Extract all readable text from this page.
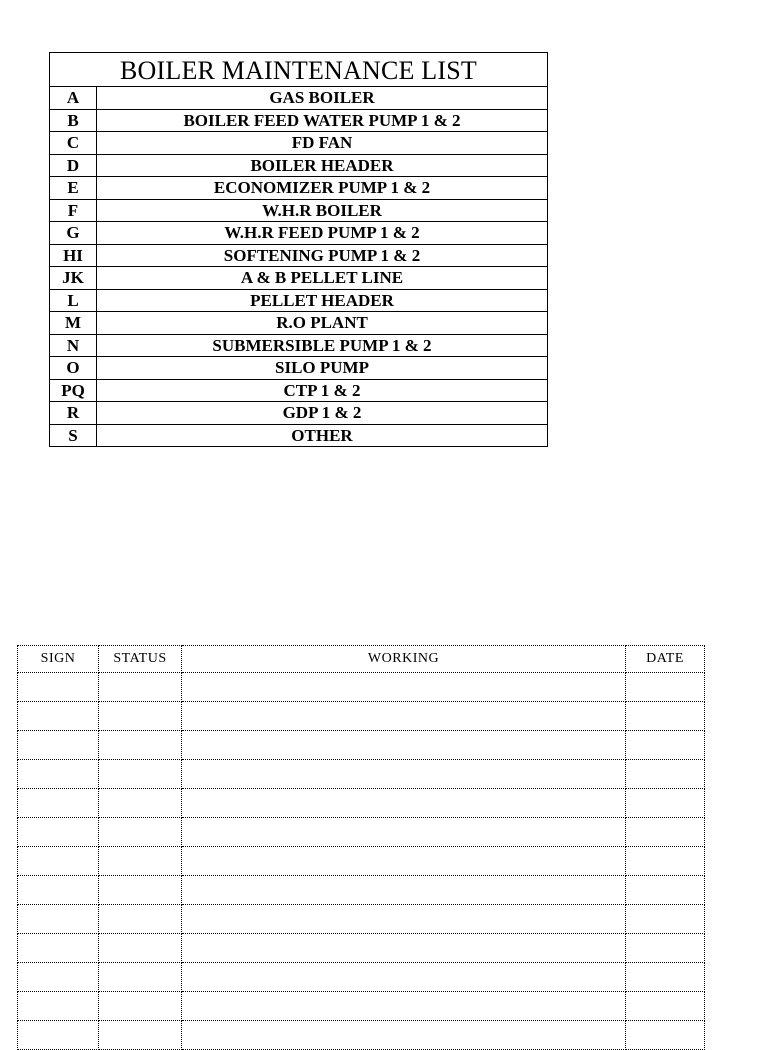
BOILER MAINTENANCE LIST	
A	GAS BOILER
B	BOILER FEED WATER PUMP 1 & 2
C	FD FAN
D	BOILER HEADER
E	ECONOMIZER PUMP 1 & 2
F	W.H.R BOILER
G	W.H.R FEED PUMP 1 & 2
HI	SOFTENING PUMP 1 & 2
JK	A & B PELLET LINE
L	PELLET HEADER
M	R.O PLANT
N	SUBMERSIBLE PUMP 1 & 2
O	SILO PUMP
PQ	CTP 1 & 2
R	GDP 1 & 2
S	OTHER
SIGN	STATUS	WORKING	DATE
